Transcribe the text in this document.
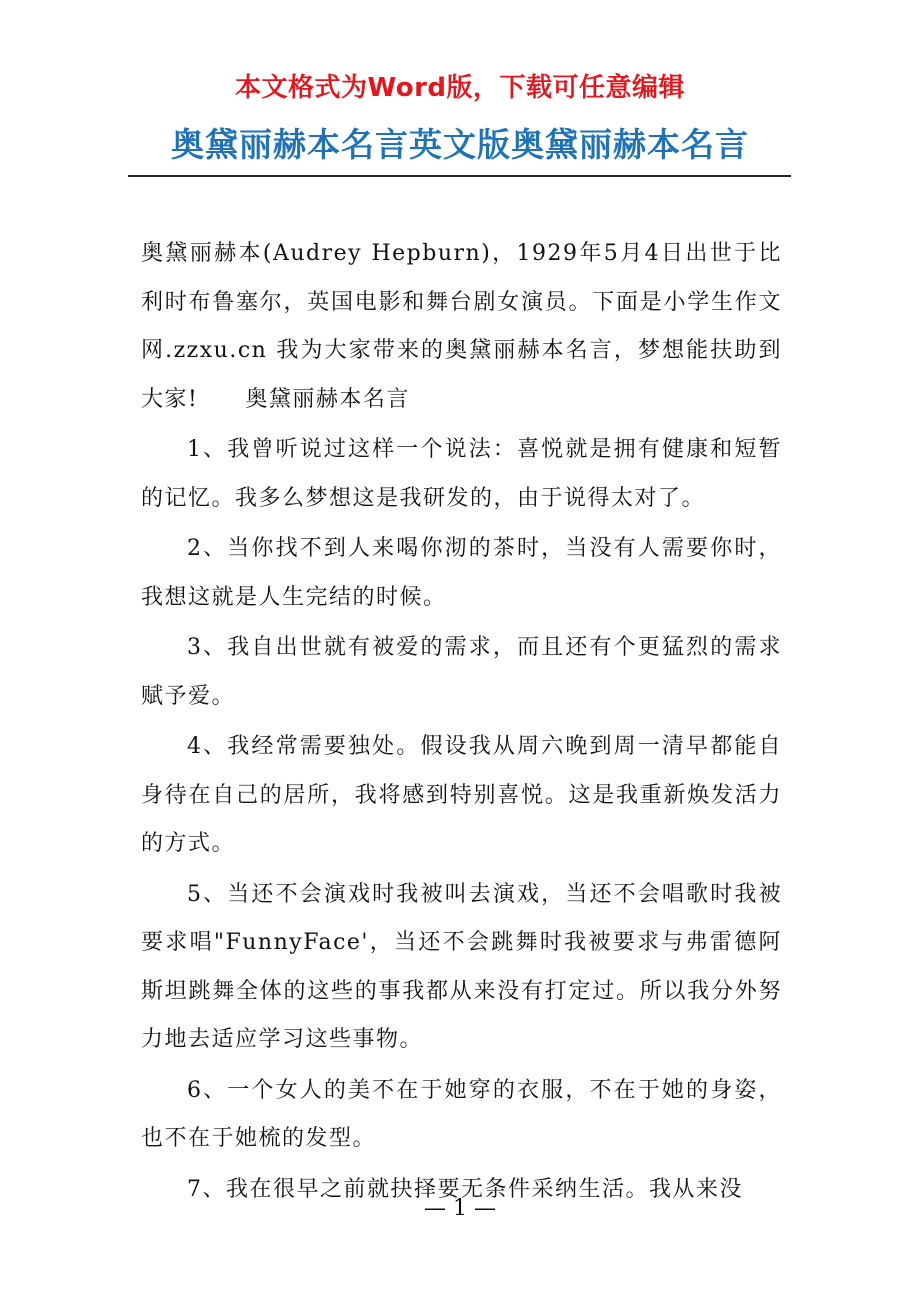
本文格式为Word版，下载可任意编辑
奥黛丽赫本名言英文版奥黛丽赫本名言

奥黛丽赫本(Audrey Hepburn)，1929年5月4日出世于比利时布鲁塞尔，英国电影和舞台剧女演员。下面是小学生作文网.zzxu.cn 我为大家带来的奥黛丽赫本名言，梦想能扶助到大家!　　奥黛丽赫本名言

1、我曾听说过这样一个说法：喜悦就是拥有健康和短暂的记忆。我多么梦想这是我研发的，由于说得太对了。

2、当你找不到人来喝你沏的茶时，当没有人需要你时，我想这就是人生完结的时候。

3、我自出世就有被爱的需求，而且还有个更猛烈的需求赋予爱。

4、我经常需要独处。假设我从周六晚到周一清早都能自身待在自己的居所，我将感到特别喜悦。这是我重新焕发活力的方式。

5、当还不会演戏时我被叫去演戏，当还不会唱歌时我被要求唱"FunnyFace'，当还不会跳舞时我被要求与弗雷德阿斯坦跳舞全体的这些的事我都从来没有打定过。所以我分外努力地去适应学习这些事物。

6、一个女人的美不在于她穿的衣服，不在于她的身姿，也不在于她梳的发型。

7、我在很早之前就抉择要无条件采纳生活。我从来没

— 1 —
